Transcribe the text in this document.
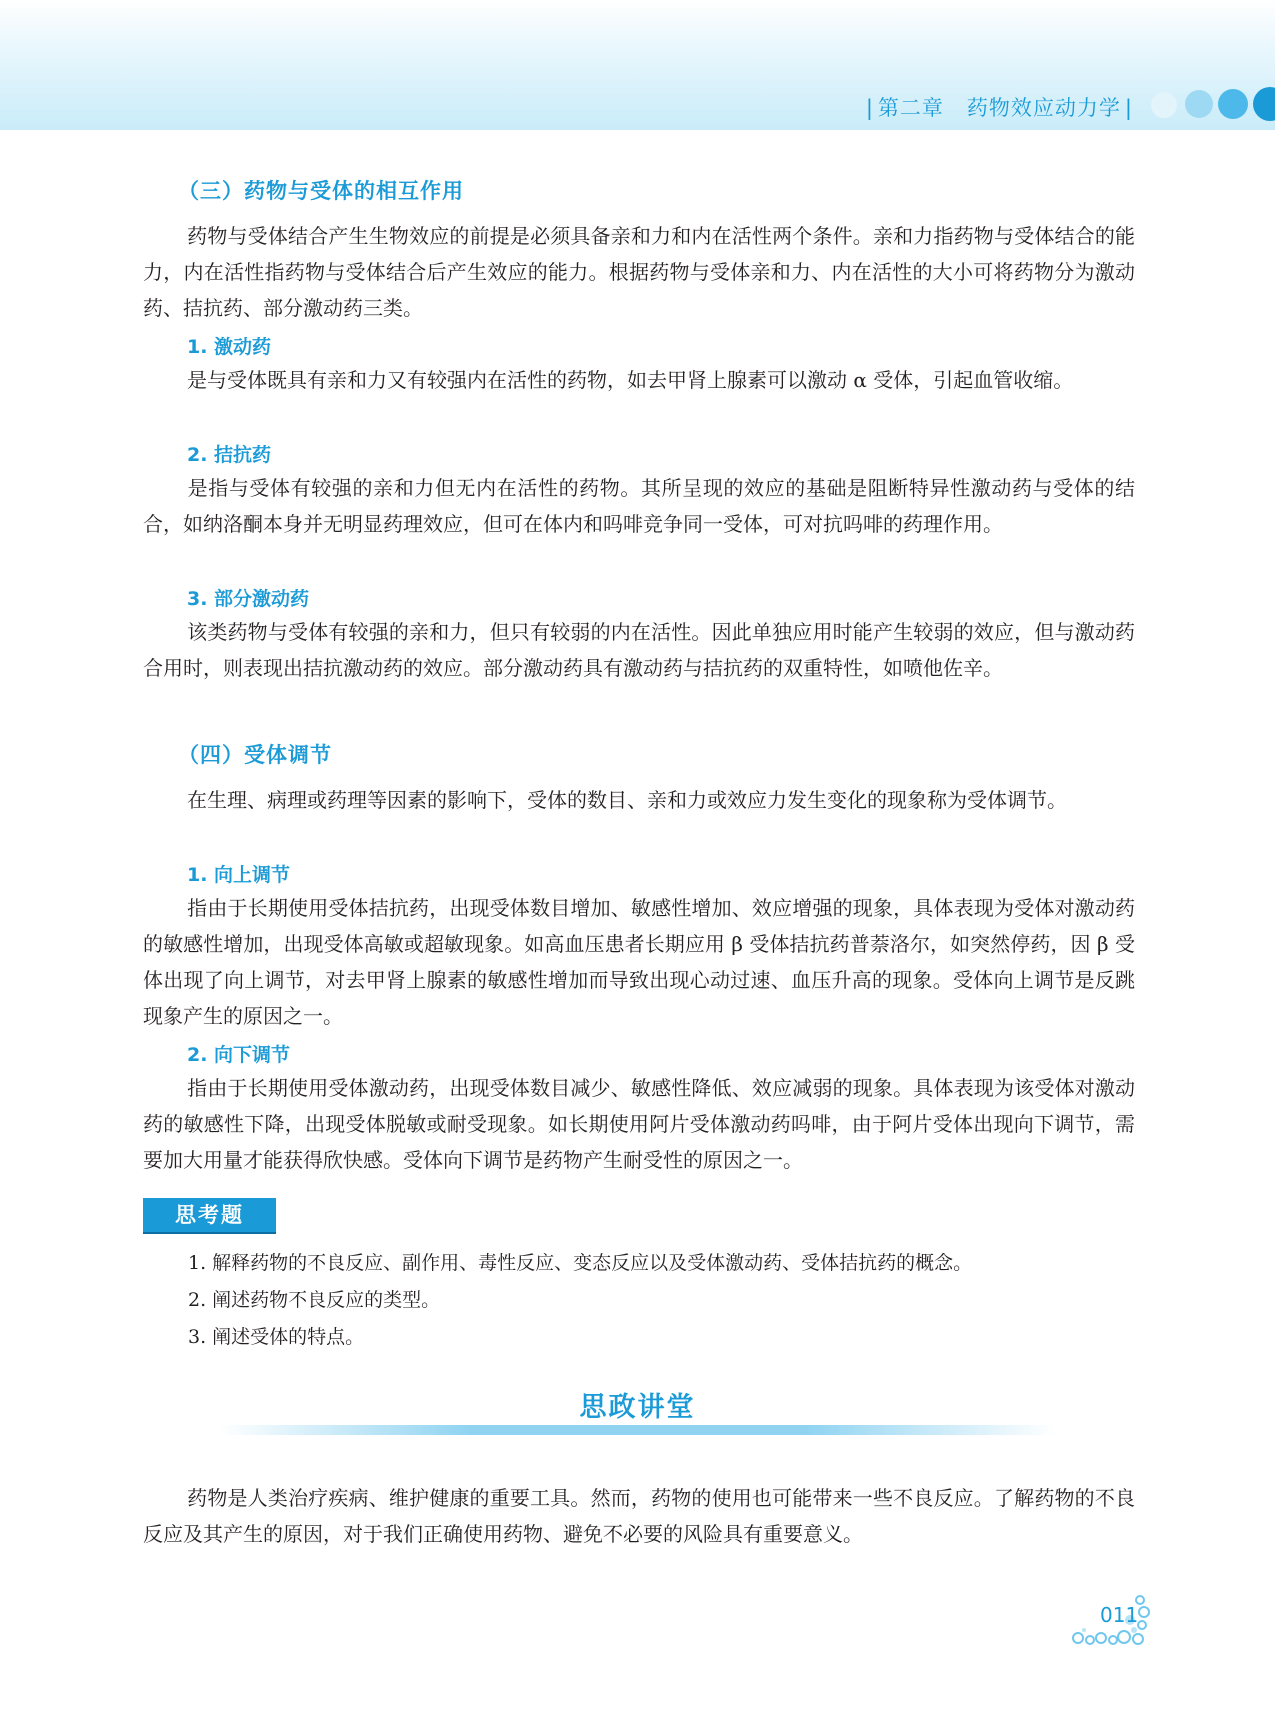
| 第二章 药物效应动力学 |
（三）药物与受体的相互作用
药物与受体结合产生生物效应的前提是必须具备亲和力和内在活性两个条件。亲和力指药物与受体结合的能力，内在活性指药物与受体结合后产生效应的能力。根据药物与受体亲和力、内在活性的大小可将药物分为激动药、拮抗药、部分激动药三类。
1. 激动药
是与受体既具有亲和力又有较强内在活性的药物，如去甲肾上腺素可以激动 α 受体，引起血管收缩。
2. 拮抗药
是指与受体有较强的亲和力但无内在活性的药物。其所呈现的效应的基础是阻断特异性激动药与受体的结合，如纳洛酮本身并无明显药理效应，但可在体内和吗啡竞争同一受体，可对抗吗啡的药理作用。
3. 部分激动药
该类药物与受体有较强的亲和力，但只有较弱的内在活性。因此单独应用时能产生较弱的效应，但与激动药合用时，则表现出拮抗激动药的效应。部分激动药具有激动药与拮抗药的双重特性，如喷他佐辛。
（四）受体调节
在生理、病理或药理等因素的影响下，受体的数目、亲和力或效应力发生变化的现象称为受体调节。
1. 向上调节
指由于长期使用受体拮抗药，出现受体数目增加、敏感性增加、效应增强的现象，具体表现为受体对激动药的敏感性增加，出现受体高敏或超敏现象。如高血压患者长期应用 β 受体拮抗药普萘洛尔，如突然停药，因 β 受体出现了向上调节，对去甲肾上腺素的敏感性增加而导致出现心动过速、血压升高的现象。受体向上调节是反跳现象产生的原因之一。
2. 向下调节
指由于长期使用受体激动药，出现受体数目减少、敏感性降低、效应减弱的现象。具体表现为该受体对激动药的敏感性下降，出现受体脱敏或耐受现象。如长期使用阿片受体激动药吗啡，由于阿片受体出现向下调节，需要加大用量才能获得欣快感。受体向下调节是药物产生耐受性的原因之一。
思考题
1. 解释药物的不良反应、副作用、毒性反应、变态反应以及受体激动药、受体拮抗药的概念。
2. 阐述药物不良反应的类型。
3. 阐述受体的特点。
思政讲堂
药物是人类治疗疾病、维护健康的重要工具。然而，药物的使用也可能带来一些不良反应。了解药物的不良反应及其产生的原因，对于我们正确使用药物、避免不必要的风险具有重要意义。
011
